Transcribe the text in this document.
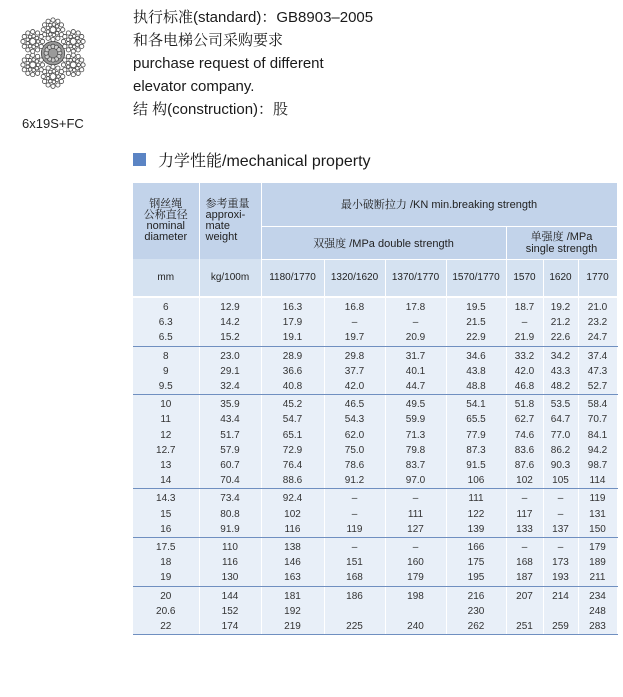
6x19S+FC
执行标准(standard)：GB8903–2005
和各电梯公司采购要求
purchase request of different
elevator company.
结 构(construction)：股
力学性能/mechanical property
钢丝绳
公称直径
nominal
diameter	参考重量
approxi-
mate
weight	最小破断拉力 /KN min.breaking strength						
		双强度 /MPa double strength				单强度 /MPa
single strength		

mm	kg/100m	1180/1770	1320/1620	1370/1770	1570/1770	1570	1620	1770
6	12.9	16.3	16.8	17.8	19.5	18.7	19.2	21.0
6.3	14.2	17.9	–	–	21.5	–	21.2	23.2
6.5	15.2	19.1	19.7	20.9	22.9	21.9	22.6	24.7
8	23.0	28.9	29.8	31.7	34.6	33.2	34.2	37.4
9	29.1	36.6	37.7	40.1	43.8	42.0	43.3	47.3
9.5	32.4	40.8	42.0	44.7	48.8	46.8	48.2	52.7
10	35.9	45.2	46.5	49.5	54.1	51.8	53.5	58.4
11	43.4	54.7	54.3	59.9	65.5	62.7	64.7	70.7
12	51.7	65.1	62.0	71.3	77.9	74.6	77.0	84.1
12.7	57.9	72.9	75.0	79.8	87.3	83.6	86.2	94.2
13	60.7	76.4	78.6	83.7	91.5	87.6	90.3	98.7
14	70.4	88.6	91.2	97.0	106	102	105	114
14.3	73.4	92.4	–	–	111	–	–	119
15	80.8	102	–	111	122	117	–	131
16	91.9	116	119	127	139	133	137	150
17.5	110	138	–	–	166	–	–	179
18	116	146	151	160	175	168	173	189
19	130	163	168	179	195	187	193	211
20	144	181	186	198	216	207	214	234
20.6	152	192			230			248
22	174	219	225	240	262	251	259	283
